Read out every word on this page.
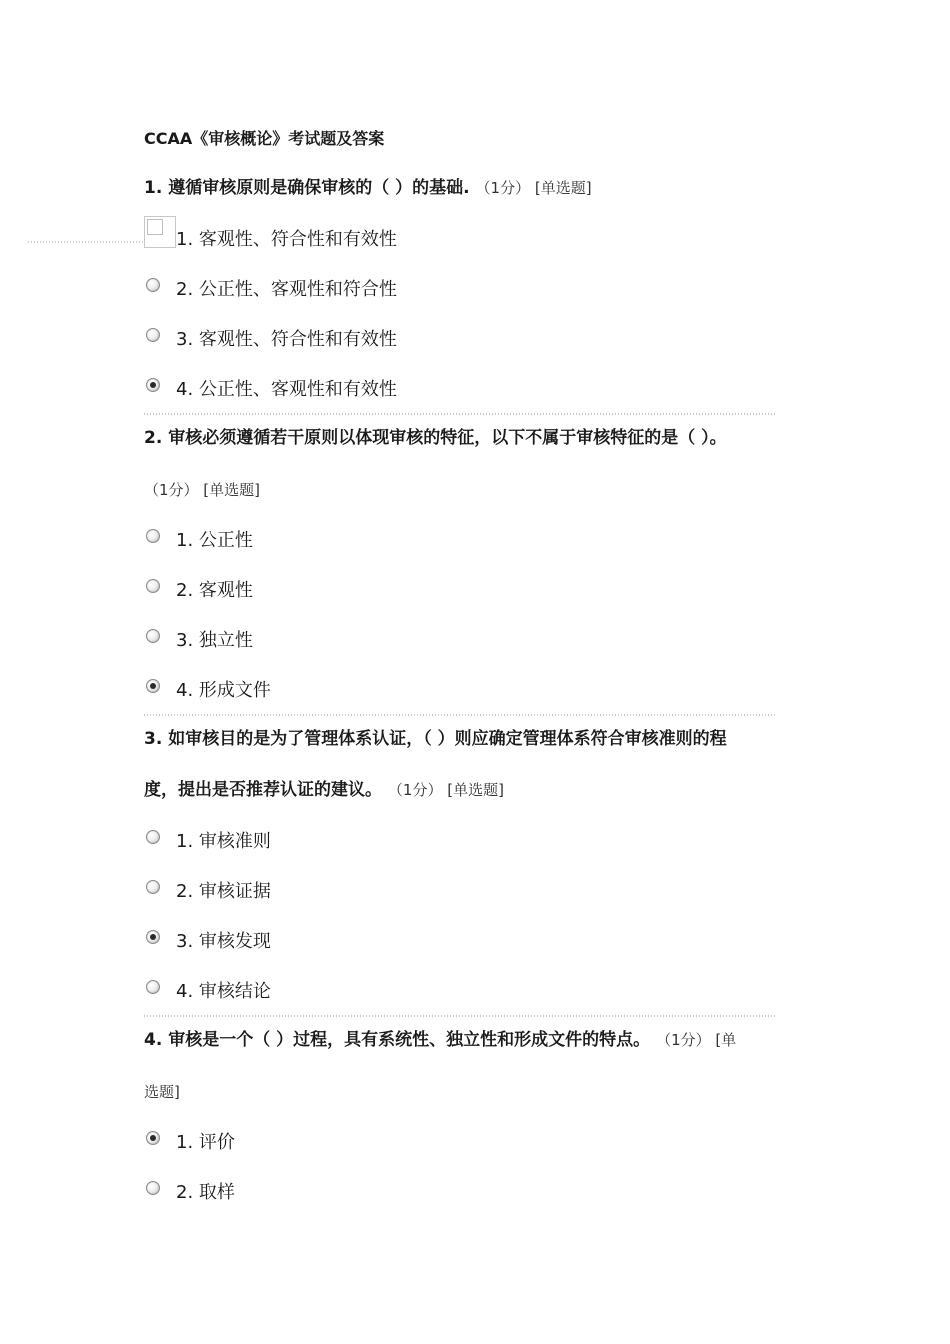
CCAA《审核概论》考试题及答案
1. 遵循审核原则是确保审核的（ ）的基础. （1分） [单选题]
1. 客观性、符合性和有效性
2. 公正性、客观性和符合性
3. 客观性、符合性和有效性
4. 公正性、客观性和有效性
2. 审核必须遵循若干原则以体现审核的特征，以下不属于审核特征的是（ ）。
（1分） [单选题]
1. 公正性
2. 客观性
3. 独立性
4. 形成文件
3. 如审核目的是为了管理体系认证，（ ）则应确定管理体系符合审核准则的程
度，提出是否推荐认证的建议。 （1分） [单选题]
1. 审核准则
2. 审核证据
3. 审核发现
4. 审核结论
4. 审核是一个（ ）过程，具有系统性、独立性和形成文件的特点。 （1分） [单
选题]
1. 评价
2. 取样
